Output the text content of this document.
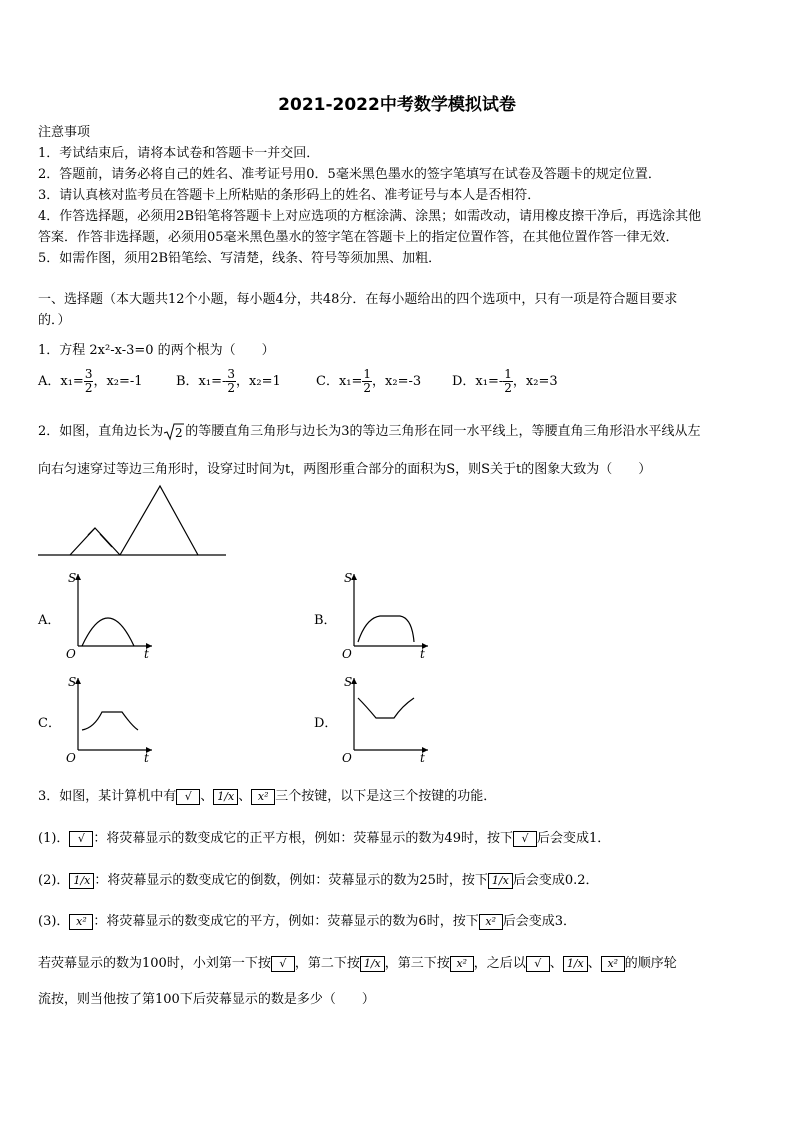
2021-2022中考数学模拟试卷
注意事项
1．考试结束后，请将本试卷和答题卡一并交回．
2．答题前，请务必将自己的姓名、准考证号用0．5毫米黑色墨水的签字笔填写在试卷及答题卡的规定位置．
3．请认真核对监考员在答题卡上所粘贴的条形码上的姓名、准考证号与本人是否相符．
4．作答选择题，必须用2B铅笔将答题卡上对应选项的方框涂满、涂黑；如需改动，请用橡皮擦干净后，再选涂其他
答案．作答非选择题，必须用05毫米黑色墨水的签字笔在答题卡上的指定位置作答，在其他位置作答一律无效．
5．如需作图，须用2B铅笔绘、写清楚，线条、符号等须加黑、加粗．
一、选择题（本大题共12个小题，每小题4分，共48分．在每小题给出的四个选项中，只有一项是符合题目要求
的．）
1．方程 2x²-x-3=0 的两个根为（　　）
A．$x_1= \frac{3}{2}$ ，x₂=-1	B．$x_1=- \frac{3}{2}$ ，x₂=1	C．$x_1= \frac{1}{2}$ ，x₂=-3 D．$x_1=- \frac{1}{2}$ ，x₂=3
2．如图，直角边长为 2 的等腰直角三角形与边长为3的等边三角形在同一水平线上，等腰直角三角形沿水平线从左
向右匀速穿过等边三角形时，设穿过时间为t，两图形重合部分的面积为S，则S关于t的图象大致为（　　）
A．
S
O	t
B．
S
O	t
C．
S
O	t
D．
S
O	t
3．如图，某计算机中有 √ 、 1/x 、 x² 三个按键，以下是这三个按键的功能．
(1)． √ ：将荧幕显示的数变成它的正平方根，例如：荧幕显示的数为49时，按下 √ 后会变成1．
(2)． 1/x ：将荧幕显示的数变成它的倒数，例如：荧幕显示的数为25时，按下 1/x 后会变成0.2．
(3)． x² ：将荧幕显示的数变成它的平方，例如：荧幕显示的数为6时，按下 x² 后会变成3．
若荧幕显示的数为100时，小刘第一下按 √ ，第二下按 1/x ，第三下按 x² ，之后以 √ 、 1/x 、 x² 的顺序轮
流按，则当他按了第100下后荧幕显示的数是多少（　　）
